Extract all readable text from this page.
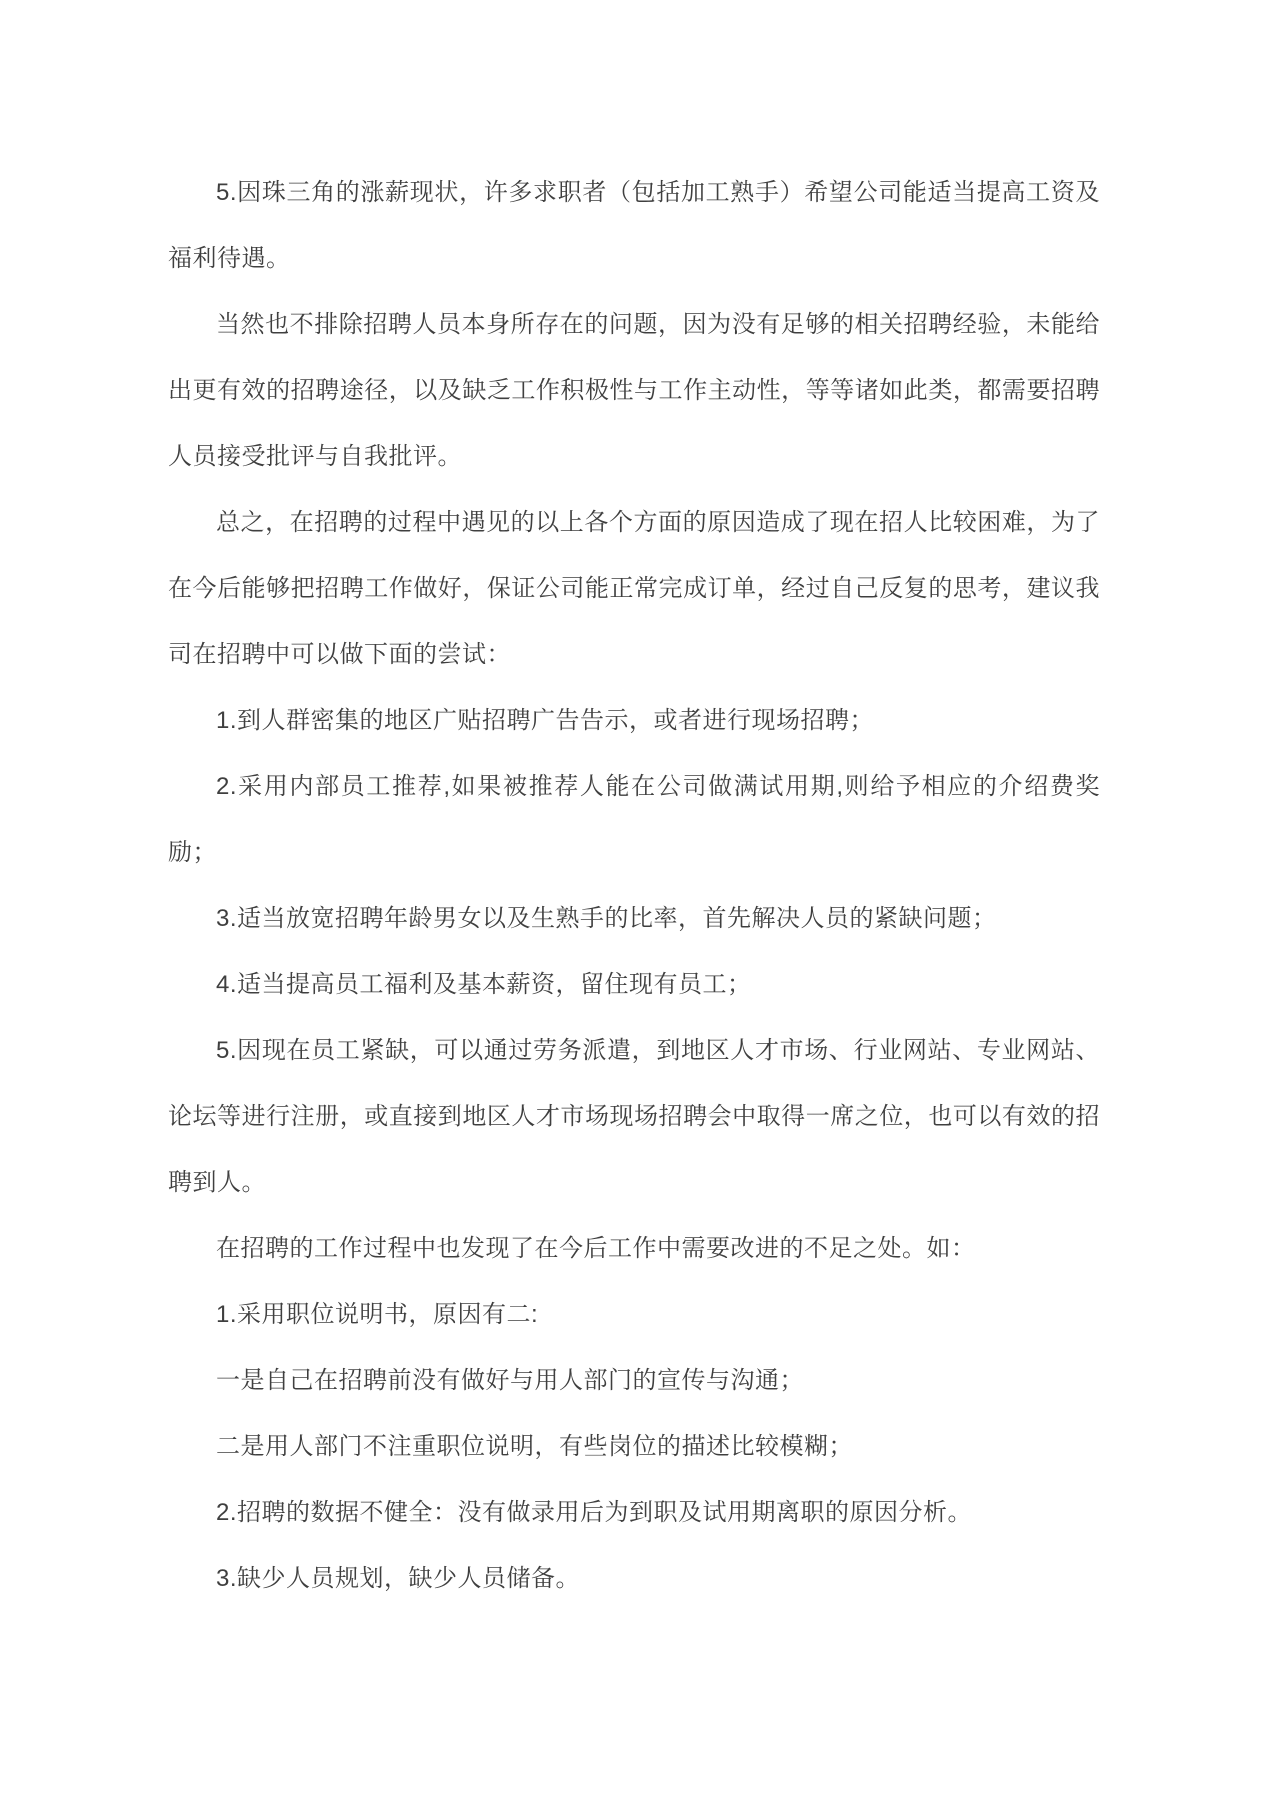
5.因珠三角的涨薪现状，许多求职者（包括加工熟手）希望公司能适当提高工资及福利待遇。

当然也不排除招聘人员本身所存在的问题，因为没有足够的相关招聘经验，未能给出更有效的招聘途径，以及缺乏工作积极性与工作主动性，等等诸如此类，都需要招聘人员接受批评与自我批评。

总之，在招聘的过程中遇见的以上各个方面的原因造成了现在招人比较困难，为了在今后能够把招聘工作做好，保证公司能正常完成订单，经过自己反复的思考，建议我司在招聘中可以做下面的尝试：

1.到人群密集的地区广贴招聘广告告示，或者进行现场招聘；

2.采用内部员工推荐,如果被推荐人能在公司做满试用期,则给予相应的介绍费奖励；

3.适当放宽招聘年龄男女以及生熟手的比率，首先解决人员的紧缺问题；

4.适当提高员工福利及基本薪资，留住现有员工；

5.因现在员工紧缺，可以通过劳务派遣，到地区人才市场、行业网站、专业网站、论坛等进行注册，或直接到地区人才市场现场招聘会中取得一席之位，也可以有效的招聘到人。

在招聘的工作过程中也发现了在今后工作中需要改进的不足之处。如：

1.采用职位说明书，原因有二:

一是自己在招聘前没有做好与用人部门的宣传与沟通；

二是用人部门不注重职位说明，有些岗位的描述比较模糊；

2.招聘的数据不健全：没有做录用后为到职及试用期离职的原因分析。

3.缺少人员规划，缺少人员储备。
